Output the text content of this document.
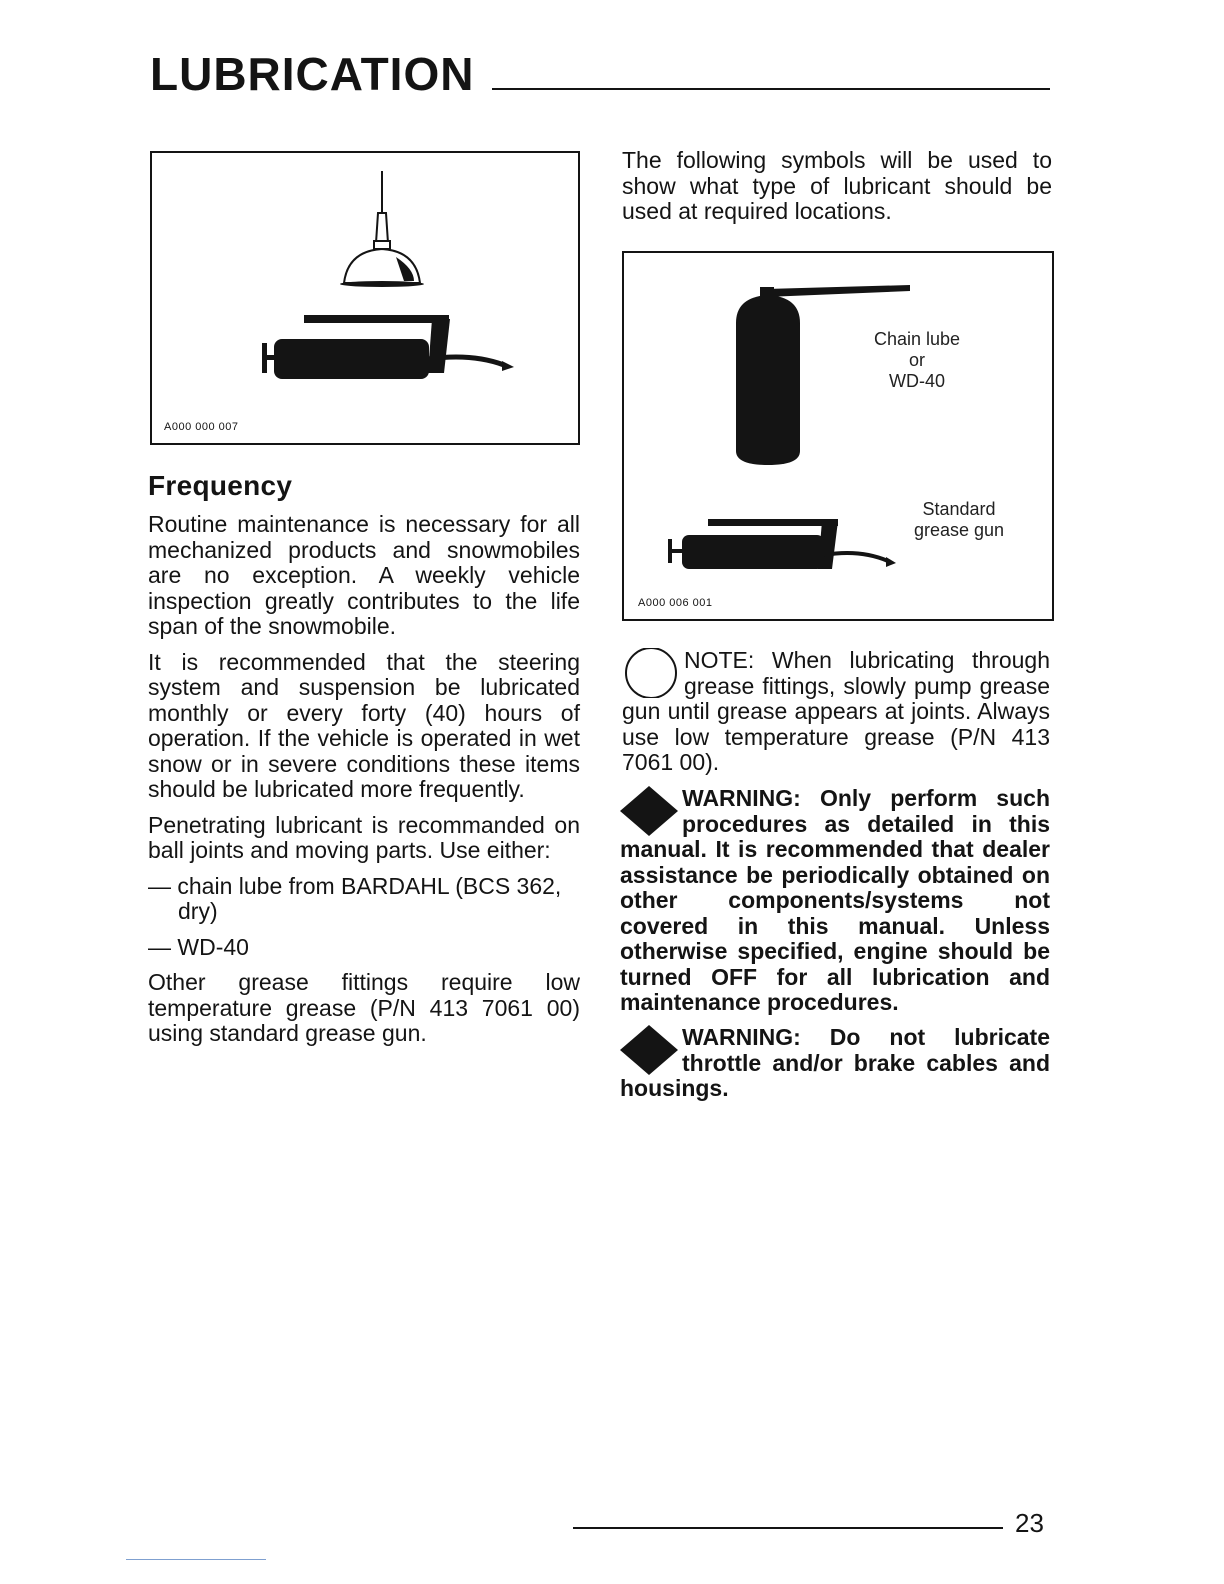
LUBRICATION
A000 000 007
Chain lube
or
WD-40
Standard
grease gun
A000 006 001
Frequency

Routine maintenance is necessary for all mechanized products and snowmobiles are no exception. A weekly vehicle inspection greatly contributes to the life span of the snowmobile.

It is recommended that the steering system and suspension be lubricated monthly or every forty (40) hours of operation. If the vehicle is operated in wet snow or in severe conditions these items should be lubricated more frequently.

Penetrating lubricant is recommanded on ball joints and moving parts. Use either:

— chain lube from BARDAHL (BCS 362, dry)

— WD-40

Other grease fittings require low temperature grease (P/N 413 7061 00) using standard grease gun.

The following symbols will be used to show what type of lubricant should be used at required locations.

NOTE: When lubricating through grease fittings, slowly pump grease gun until grease appears at joints. Always use low temperature grease (P/N 413 7061 00).
WARNING: Only perform such procedures as detailed in this manual. It is recommended that dealer assistance be periodically obtained on other components/systems not covered in this manual. Unless otherwise specified, engine should be turned OFF for all lubrication and maintenance procedures.
WARNING: Do not lubricate throttle and/or brake cables and housings.
23
